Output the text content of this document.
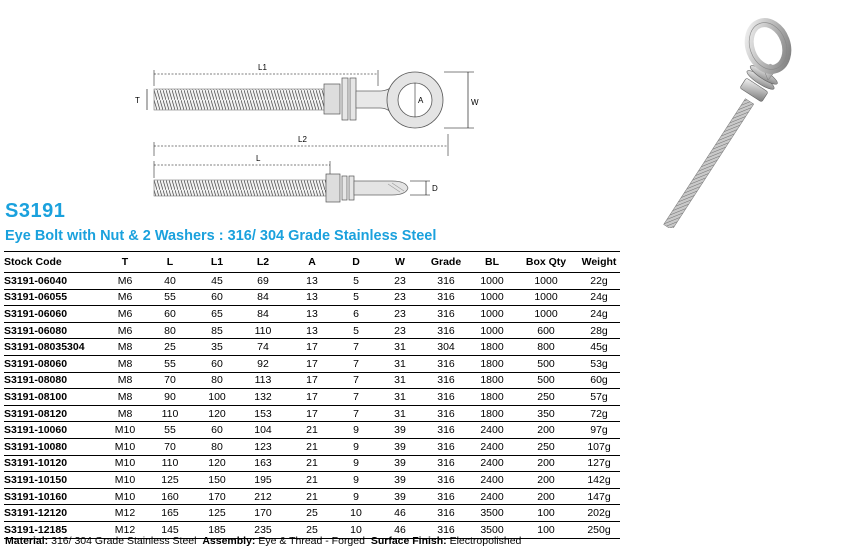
L1
T	A	W
L2
L
D
S3191
Eye Bolt with Nut & 2 Washers : 316/ 304 Grade Stainless Steel
Stock Code	T	L	L1	L2	A	D	W	Grade	BL	Box Qty	Weight
S3191-06040	M6	40	45	69	13	5	23	316	1000	1000	22g
S3191-06055	M6	55	60	84	13	5	23	316	1000	1000	24g
S3191-06060	M6	60	65	84	13	6	23	316	1000	1000	24g
S3191-06080	M6	80	85	110	13	5	23	316	1000	600	28g
S3191-08035304	M8	25	35	74	17	7	31	304	1800	800	45g
S3191-08060	M8	55	60	92	17	7	31	316	1800	500	53g
S3191-08080	M8	70	80	113	17	7	31	316	1800	500	60g
S3191-08100	M8	90	100	132	17	7	31	316	1800	250	57g
S3191-08120	M8	110	120	153	17	7	31	316	1800	350	72g
S3191-10060	M10	55	60	104	21	9	39	316	2400	200	97g
S3191-10080	M10	70	80	123	21	9	39	316	2400	250	107g
S3191-10120	M10	110	120	163	21	9	39	316	2400	200	127g
S3191-10150	M10	125	150	195	21	9	39	316	2400	200	142g
S3191-10160	M10	160	170	212	21	9	39	316	2400	200	147g
S3191-12120	M12	165	125	170	25	10	46	316	3500	100	202g
S3191-12185	M12	145	185	235	25	10	46	316	3500	100	250g
Material: 316/ 304 Grade Stainless Steel Assembly: Eye & Thread - Forged Surface Finish: Electropolished
